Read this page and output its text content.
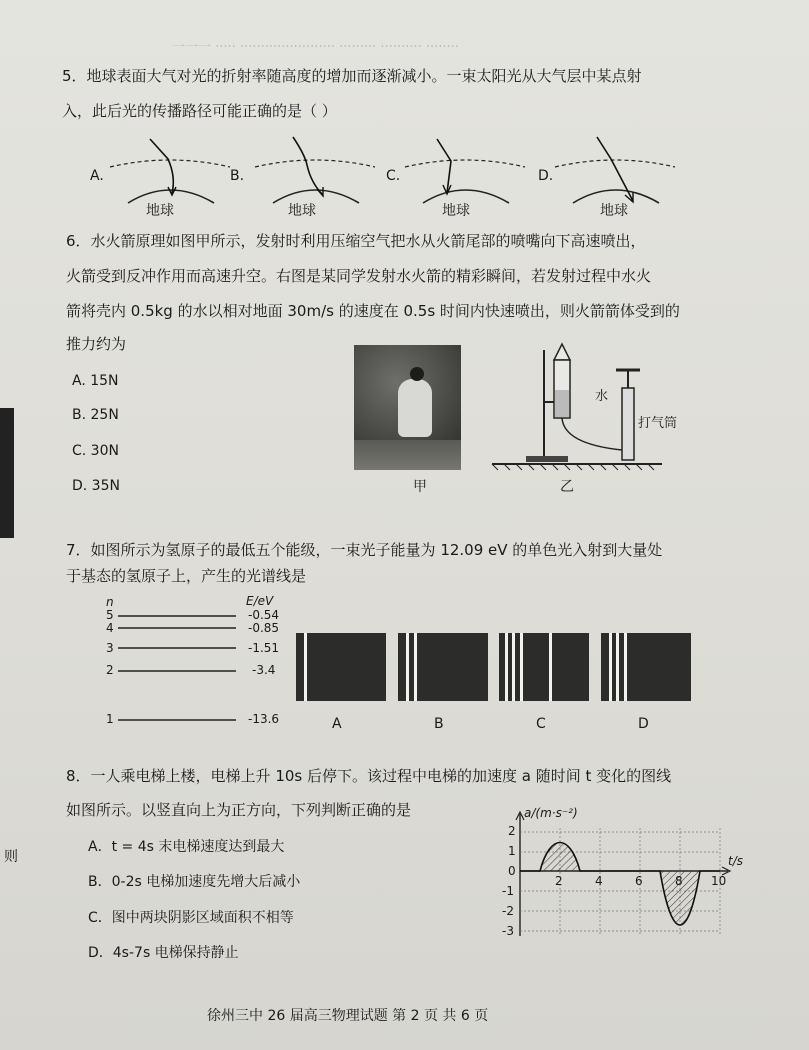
一一一 ····· ······················· ········· ·········· ········
5．地球表面大气对光的折射率随高度的增加而逐渐减小。一束太阳光从大气层中某点射
入，此后光的传播路径可能正确的是（ ）
A.	B.	C.	D.
地球	地球	地球	地球
6．水火箭原理如图甲所示，发射时利用压缩空气把水从火箭尾部的喷嘴向下高速喷出，
火箭受到反冲作用而高速升空。右图是某同学发射水火箭的精彩瞬间，若发射过程中水火
箭将壳内 0.5kg 的水以相对地面 30m/s 的速度在 0.5s 时间内快速喷出，则火箭箭体受到的
推力约为
A. 15N
B. 25N
C. 30N
D. 35N	甲
水
打气筒
乙
7．如图所示为氢原子的最低五个能级，一束光子能量为 12.09 eV 的单色光入射到大量处
于基态的氢原子上，产生的光谱线是
n	E/eV
5
4
3
2
1
-0.54
-0.85
-1.51
-3.4
-13.6	A	B	C	D
8．一人乘电梯上楼，电梯上升 10s 后停下。该过程中电梯的加速度 a 随时间 t 变化的图线
如图所示。以竖直向上为正方向，下列判断正确的是
A．t = 4s 末电梯速度达到最大
B．0-2s 电梯加速度先增大后减小
C．图中两块阴影区域面积不相等
D．4s-7s 电梯保持静止
a/(m·s⁻²)
t/s
2
1
0
-1
-2
-3
2	4	6	8 10
则
徐州三中 26 届高三物理试题 第 2 页 共 6 页
